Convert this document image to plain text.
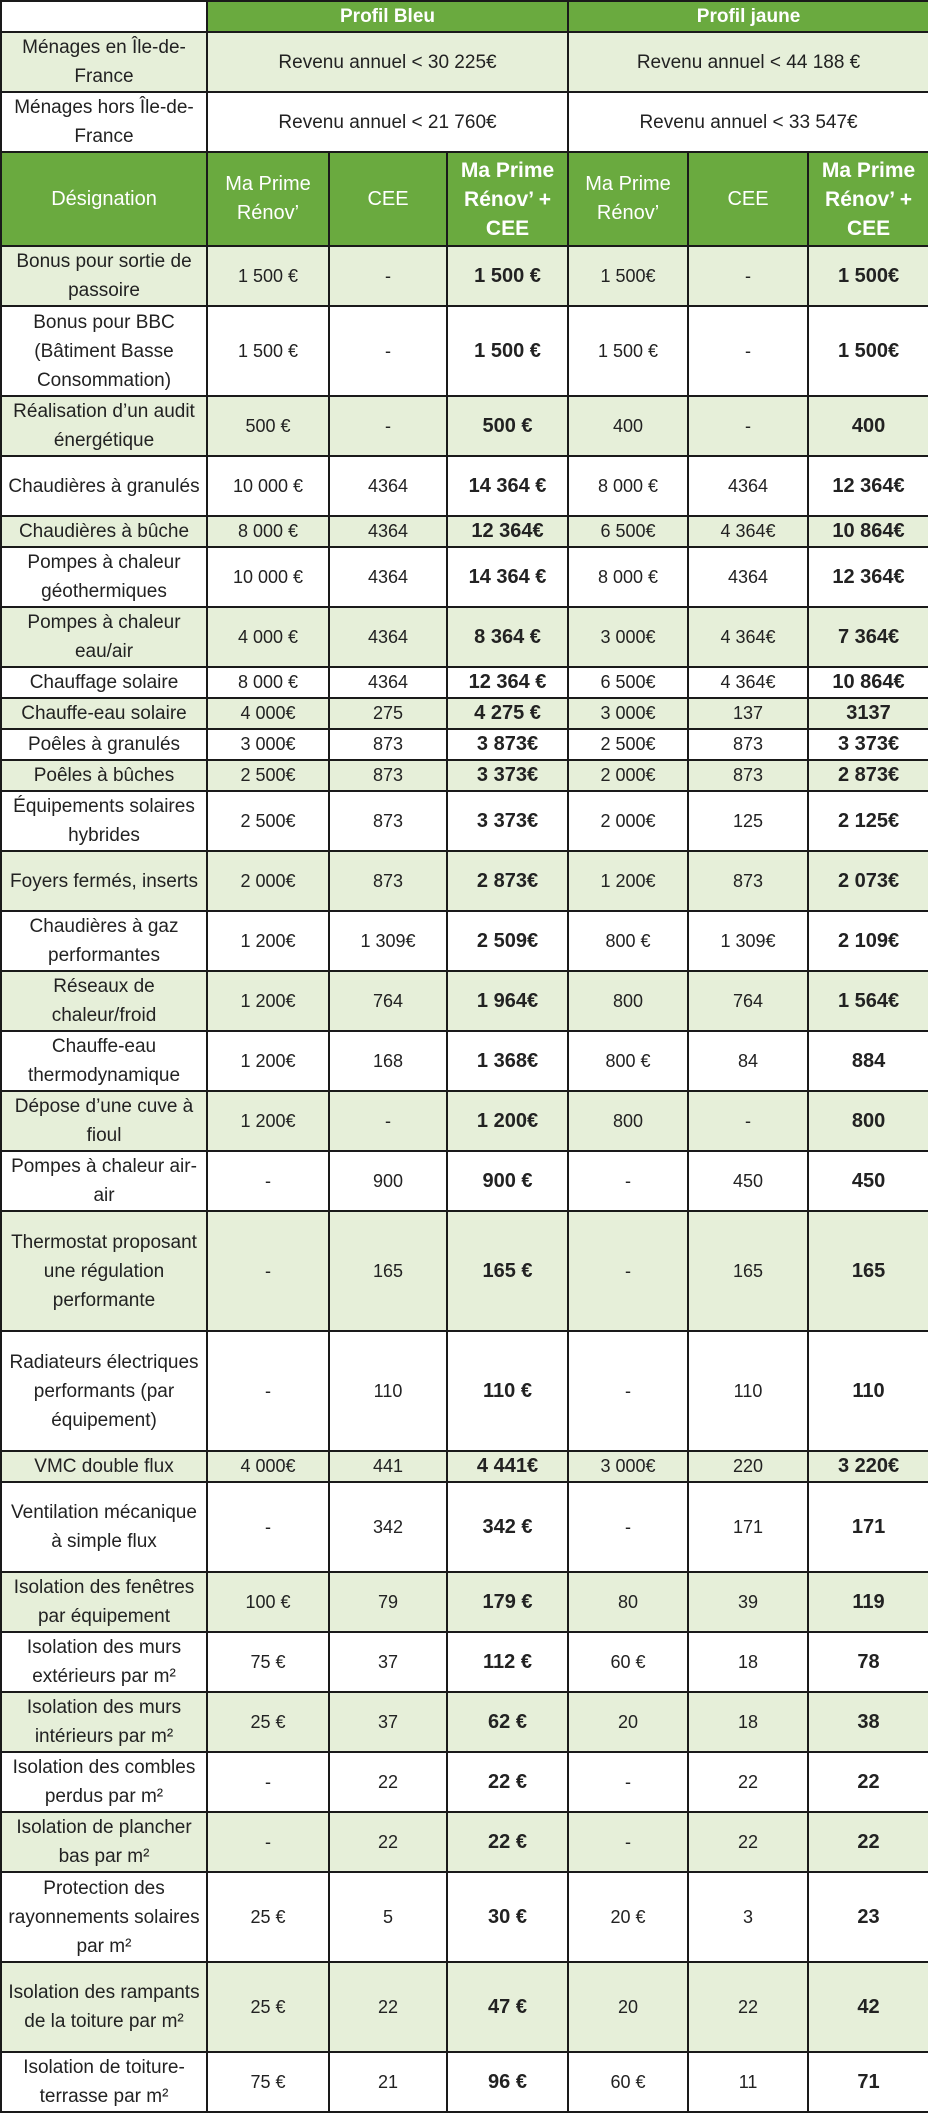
	Profil Bleu			Profil jaune		
Ménages en Île-de-France	Revenu annuel < 30 225€			Revenu annuel < 44 188 €		
Ménages hors Île-de-France	Revenu annuel < 21 760€			Revenu annuel < 33 547€		
Désignation	Ma Prime Rénov’	CEE	Ma Prime Rénov’ + CEE	Ma Prime Rénov’	CEE	Ma Prime Rénov’ + CEE
Bonus pour sortie de passoire	1 500 €	-	1 500 €	1 500€	-	1 500€
Bonus pour BBC (Bâtiment Basse Consommation)	1 500 €	-	1 500 €	1 500 €	-	1 500€
Réalisation d’un audit énergétique	500 €	-	500 €	400	-	400
Chaudières à granulés	10 000 €	4364	14 364 €	8 000 €	4364	12 364€
Chaudières à bûche	8 000 €	4364	12 364€	6 500€	4 364€	10 864€
Pompes à chaleur géothermiques	10 000 €	4364	14 364 €	8 000 €	4364	12 364€
Pompes à chaleur eau/air	4 000 €	4364	8 364 €	3 000€	4 364€	7 364€
Chauffage solaire	8 000 €	4364	12 364 €	6 500€	4 364€	10 864€
Chauffe-eau solaire	4 000€	275	4 275 €	3 000€	137	3137
Poêles à granulés	3 000€	873	3 873€	2 500€	873	3 373€
Poêles à bûches	2 500€	873	3 373€	2 000€	873	2 873€
Équipements solaires hybrides	2 500€	873	3 373€	2 000€	125	2 125€
Foyers fermés, inserts	2 000€	873	2 873€	1 200€	873	2 073€
Chaudières à gaz performantes	1 200€	1 309€	2 509€	800 €	1 309€	2 109€
Réseaux de chaleur/froid	1 200€	764	1 964€	800	764	1 564€
Chauffe-eau thermodynamique	1 200€	168	1 368€	800 €	84	884
Dépose d’une cuve à fioul	1 200€	-	1 200€	800	-	800
Pompes à chaleur air-air	-	900	900 €	-	450	450
Thermostat proposant une régulation performante	-	165	165 €	-	165	165
Radiateurs électriques performants (par équipement)	-	110	110 €	-	110	110
VMC double flux	4 000€	441	4 441€	3 000€	220	3 220€
Ventilation mécanique à simple flux	-	342	342 €	-	171	171
Isolation des fenêtres par équipement	100 €	79	179 €	80	39	119
Isolation des murs extérieurs par m²	75 €	37	112 €	60 €	18	78
Isolation des murs intérieurs par m²	25 €	37	62 €	20	18	38
Isolation des combles perdus par m²	-	22	22 €	-	22	22
Isolation de plancher bas par m²	-	22	22 €	-	22	22
Protection des rayonnements solaires par m²	25 €	5	30 €	20 €	3	23
Isolation des rampants de la toiture par m²	25 €	22	47 €	20	22	42
Isolation de toiture-terrasse par m²	75 €	21	96 €	60 €	11	71
